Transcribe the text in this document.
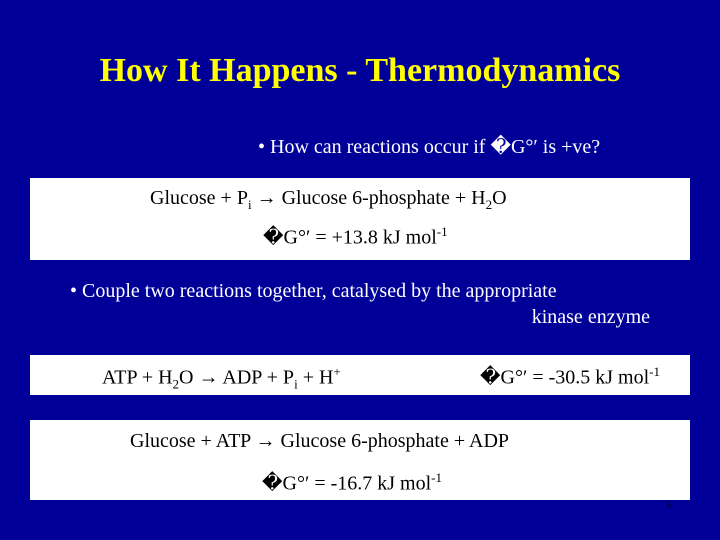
How It Happens - Thermodynamics
• How can reactions occur if �G°′ is +ve?
$Glucose + P_i \to Glucose$ 6-phosphate + $H_2O$
�G°′ = +13.8 kJ mol$^{-1}$
• Couple two reactions together, catalysed by the appropriate
kinase enzyme
ATP + $H_2O$ → ADP + $P_i + H^+$	�G°′ = -30.5 kJ mol$^{-1}$
Glucose + ATP → Glucose 6-phosphate + ADP
�G°′ = -16.7 kJ mol$^{-1}$
5
